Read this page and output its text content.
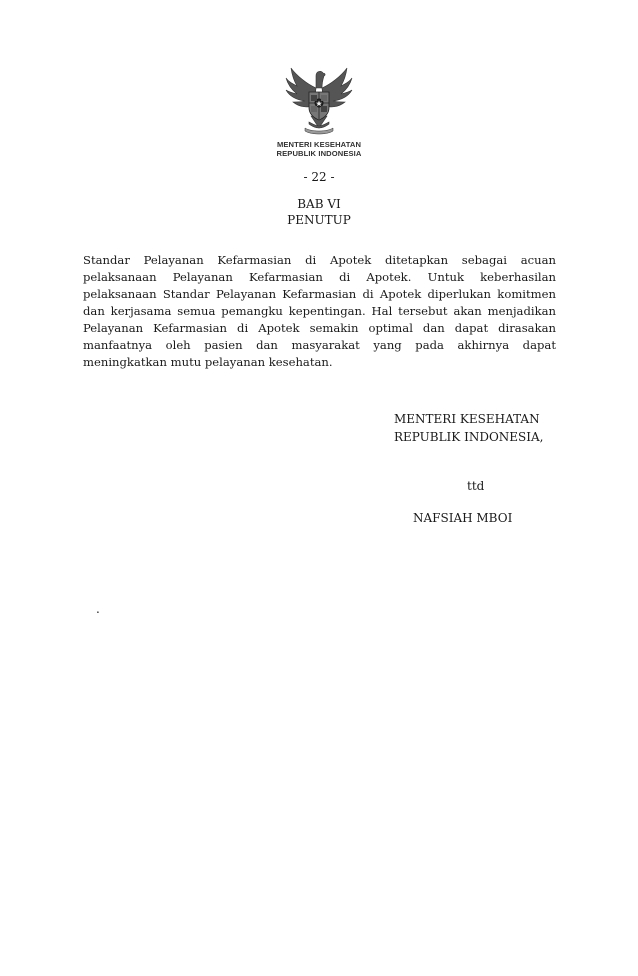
MENTERI KESEHATAN
REPUBLIK INDONESIA
- 22 -
BAB VI
PENUTUP

Standar Pelayanan Kefarmasian di Apotek ditetapkan sebagai acuan pelaksanaan Pelayanan Kefarmasian di Apotek. Untuk keberhasilan pelaksanaan Standar Pelayanan Kefarmasian di Apotek diperlukan komitmen dan kerjasama semua pemangku kepentingan. Hal tersebut akan menjadikan Pelayanan Kefarmasian di Apotek semakin optimal dan dapat dirasakan manfaatnya oleh pasien dan masyarakat yang pada akhirnya dapat meningkatkan mutu pelayanan kesehatan.

MENTERI KESEHATAN
REPUBLIK INDONESIA,
ttd
NAFSIAH MBOI
.
